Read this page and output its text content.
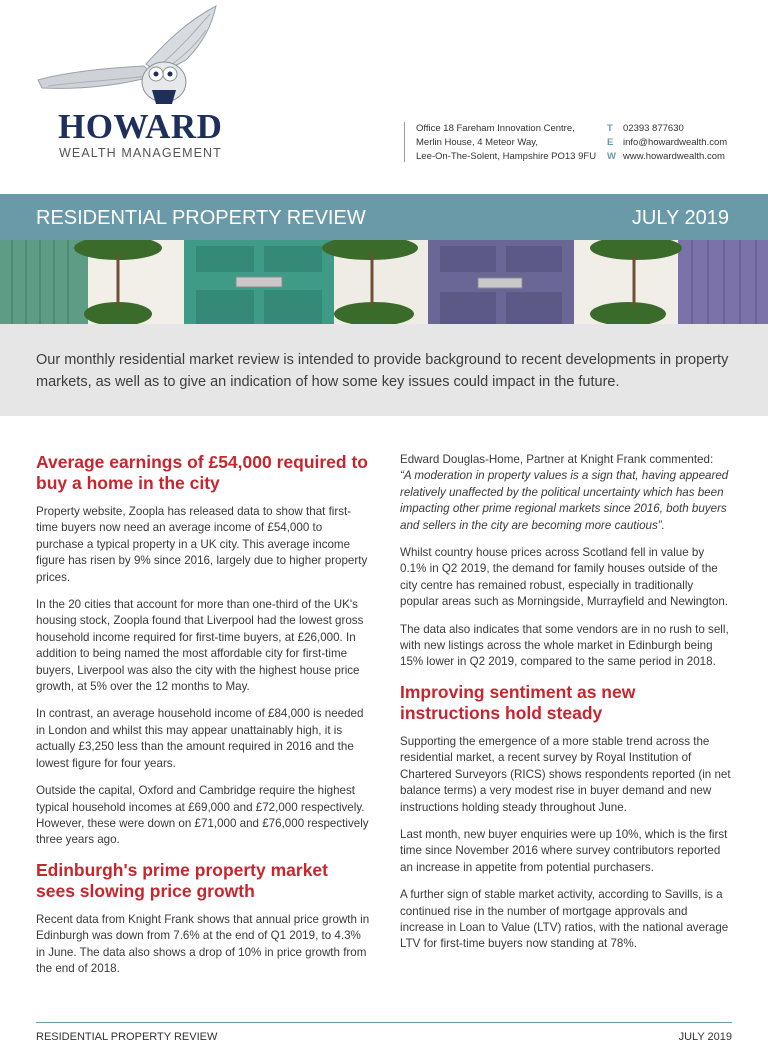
HOWARD
WEALTH MANAGEMENT
Office 18 Fareham Innovation Centre,
Merlin House, 4 Meteor Way,
Lee-On-The-Solent, Hampshire PO13 9FU
T 02393 877630
E info@howardwealth.com
W www.howardwealth.com
RESIDENTIAL PROPERTY REVIEW	JULY 2019

Our monthly residential market review is intended to provide background to recent developments in property markets, as well as to give an indication of how some key issues could impact in the future.

Average earnings of £54,000 required to buy a home in the city

Property website, Zoopla has released data to show that first-time buyers now need an average income of £54,000 to purchase a typical property in a UK city. This average income figure has risen by 9% since 2016, largely due to higher property prices.

In the 20 cities that account for more than one-third of the UK's housing stock, Zoopla found that Liverpool had the lowest gross household income required for first-time buyers, at £26,000. In addition to being named the most affordable city for first-time buyers, Liverpool was also the city with the highest house price growth, at 5% over the 12 months to May.

In contrast, an average household income of £84,000 is needed in London and whilst this may appear unattainably high, it is actually £3,250 less than the amount required in 2016 and the lowest figure for four years.

Outside the capital, Oxford and Cambridge require the highest typical household incomes at £69,000 and £72,000 respectively. However, these were down on £71,000 and £76,000 respectively three years ago.

Edinburgh's prime property market sees slowing price growth

Recent data from Knight Frank shows that annual price growth in Edinburgh was down from 7.6% at the end of Q1 2019, to 4.3% in June. The data also shows a drop of 10% in price growth from the end of 2018.

Edward Douglas-Home, Partner at Knight Frank commented:
“A moderation in property values is a sign that, having appeared relatively unaffected by the political uncertainty which has been impacting other prime regional markets since 2016, both buyers and sellers in the city are becoming more cautious”.

Whilst country house prices across Scotland fell in value by 0.1% in Q2 2019, the demand for family houses outside of the city centre has remained robust, especially in traditionally popular areas such as Morningside, Murrayfield and Newington.

The data also indicates that some vendors are in no rush to sell, with new listings across the whole market in Edinburgh being 15% lower in Q2 2019, compared to the same period in 2018.

Improving sentiment as new instructions hold steady

Supporting the emergence of a more stable trend across the residential market, a recent survey by Royal Institution of Chartered Surveyors (RICS) shows respondents reported (in net balance terms) a very modest rise in buyer demand and new instructions holding steady throughout June.

Last month, new buyer enquiries were up 10%, which is the first time since November 2016 where survey contributors reported an increase in appetite from potential purchasers.

A further sign of stable market activity, according to Savills, is a continued rise in the number of mortgage approvals and increase in Loan to Value (LTV) ratios, with the national average LTV for first-time buyers now standing at 78%.

RESIDENTIAL PROPERTY REVIEW	JULY 2019
